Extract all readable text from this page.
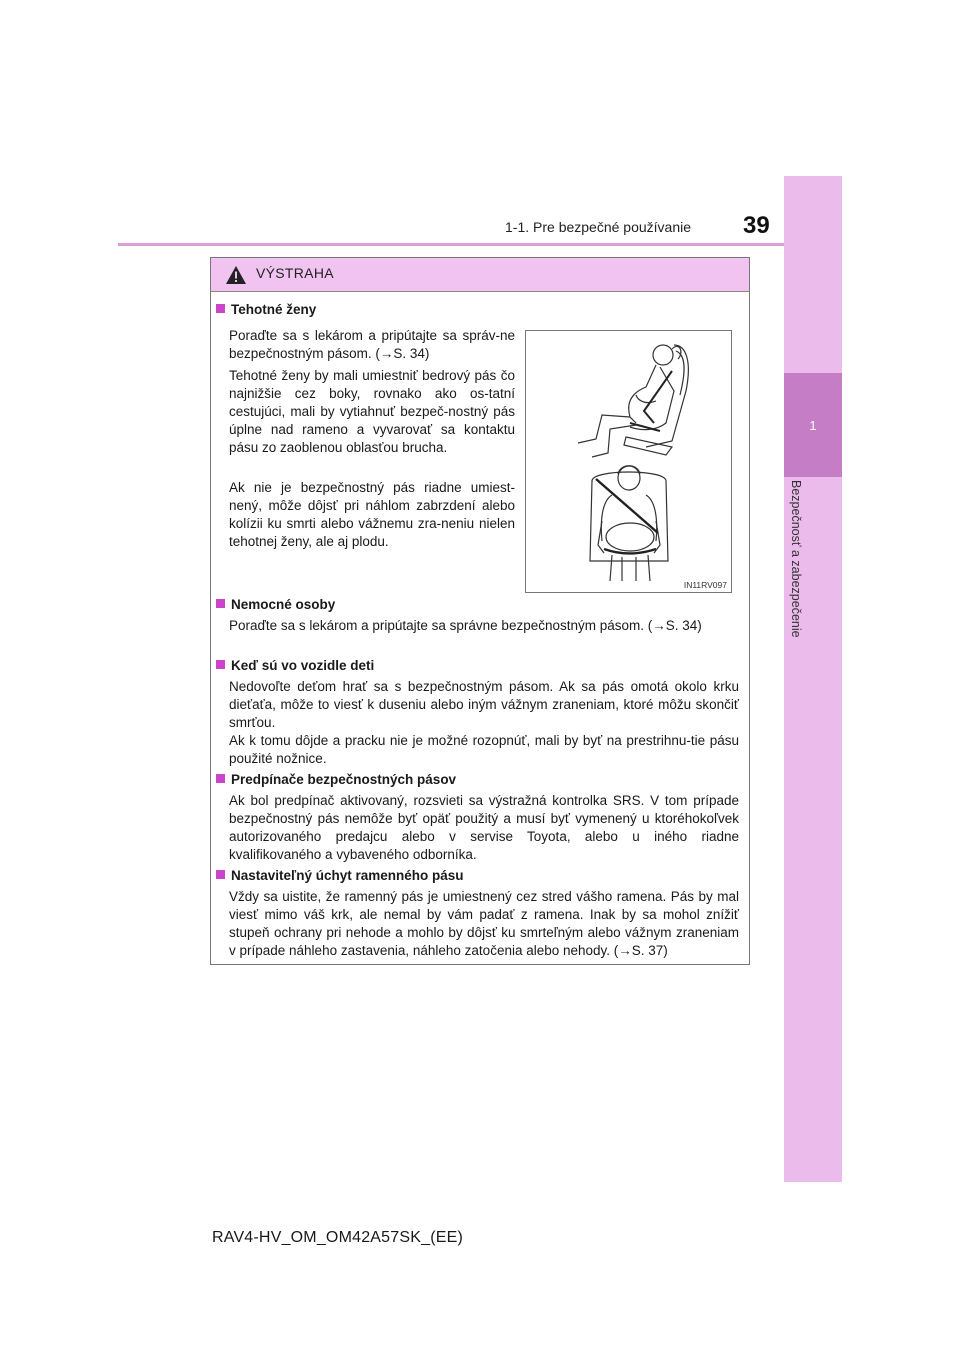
1-1. Pre bezpečné používanie 39
1
Bezpečnosť a zabezpečenie
VÝSTRAHA
Tehotné ženy
Poraďte sa s lekárom a pripútajte sa správ-ne bezpečnostným pásom. (→S. 34)
Tehotné ženy by mali umiestniť bedrový pás čo najnižšie cez boky, rovnako ako os-tatní cestujúci, mali by vytiahnuť bezpeč-nostný pás úplne nad rameno a vyvarovať sa kontaktu pásu zo zaoblenou oblasťou brucha.
Ak nie je bezpečnostný pás riadne umiest-nený, môže dôjsť pri náhlom zabrzdení alebo kolízii ku smrti alebo vážnemu zra-neniu nielen tehotnej ženy, ale aj plodu.
IN11RV097
Nemocné osoby
Poraďte sa s lekárom a pripútajte sa správne bezpečnostným pásom. (→S. 34)
Keď sú vo vozidle deti
Nedovoľte deťom hrať sa s bezpečnostným pásom. Ak sa pás omotá okolo krku dieťaťa, môže to viesť k duseniu alebo iným vážnym zraneniam, ktoré môžu skončiť smrťou.
Ak k tomu dôjde a pracku nie je možné rozopnúť, mali by byť na prestrihnu-tie pásu použité nožnice.
Predpínače bezpečnostných pásov
Ak bol predpínač aktivovaný, rozsvieti sa výstražná kontrolka SRS. V tom prípade bezpečnostný pás nemôže byť opäť použitý a musí byť vymenený u ktoréhokoľvek autorizovaného predajcu alebo v servise Toyota, alebo u iného riadne kvalifikovaného a vybaveného odborníka.
Nastaviteľný úchyt ramenného pásu
Vždy sa uistite, že ramenný pás je umiestnený cez stred vášho ramena. Pás by mal viesť mimo váš krk, ale nemal by vám padať z ramena. Inak by sa mohol znížiť stupeň ochrany pri nehode a mohlo by dôjsť ku smrteľným alebo vážnym zraneniam v prípade náhleho zastavenia, náhleho zatočenia alebo nehody. (→S. 37)
RAV4-HV_OM_OM42A57SK_(EE)
